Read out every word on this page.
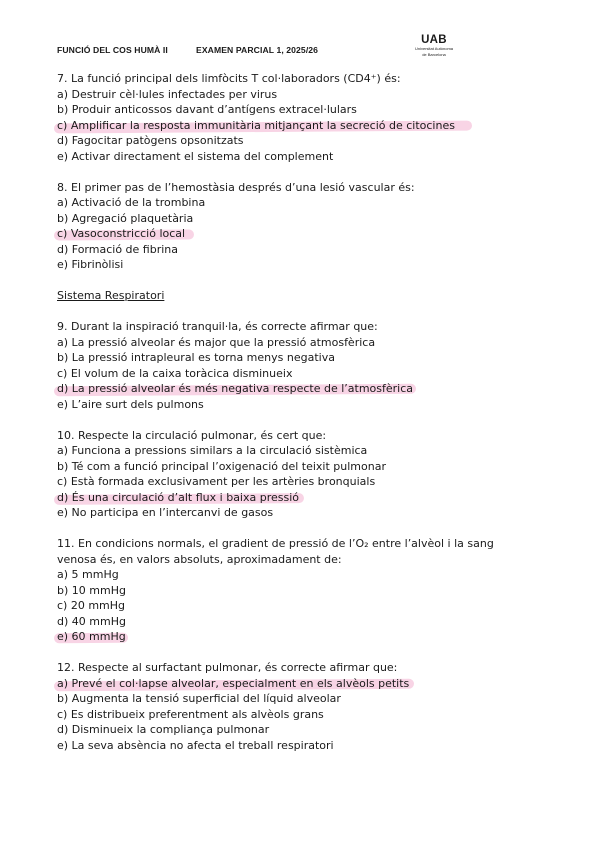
FUNCIÓ DEL COS HUMÀ II	EXAMEN PARCIAL 1, 2025/26
UAB
Universitat Autònoma
de Barcelona
7. La funció principal dels limfòcits T col·laboradors (CD4⁺) és:
a) Destruir cèl·lules infectades per virus
b) Produir anticossos davant d’antígens extracel·lulars
c) Amplificar la resposta immunitària mitjançant la secreció de citocines
d) Fagocitar patògens opsonitzats
e) Activar directament el sistema del complement
8. El primer pas de l’hemostàsia després d’una lesió vascular és:
a) Activació de la trombina
b) Agregació plaquetària
c) Vasoconstricció local
d) Formació de fibrina
e) Fibrinòlisi
Sistema Respiratori
9. Durant la inspiració tranquil·la, és correcte afirmar que:
a) La pressió alveolar és major que la pressió atmosfèrica
b) La pressió intrapleural es torna menys negativa
c) El volum de la caixa toràcica disminueix
d) La pressió alveolar és més negativa respecte de l’atmosfèrica
e) L’aire surt dels pulmons
10. Respecte la circulació pulmonar, és cert que:
a) Funciona a pressions similars a la circulació sistèmica
b) Té com a funció principal l’oxigenació del teixit pulmonar
c) Està formada exclusivament per les artèries bronquials
d) És una circulació d’alt flux i baixa pressió
e) No participa en l’intercanvi de gasos
11. En condicions normals, el gradient de pressió de l’O₂ entre l’alvèol i la sang
venosa és, en valors absoluts, aproximadament de:
a) 5 mmHg
b) 10 mmHg
c) 20 mmHg
d) 40 mmHg
e) 60 mmHg
12. Respecte al surfactant pulmonar, és correcte afirmar que:
a) Prevé el col·lapse alveolar, especialment en els alvèols petits
b) Augmenta la tensió superficial del líquid alveolar
c) Es distribueix preferentment als alvèols grans
d) Disminueix la compliança pulmonar
e) La seva absència no afecta el treball respiratori
